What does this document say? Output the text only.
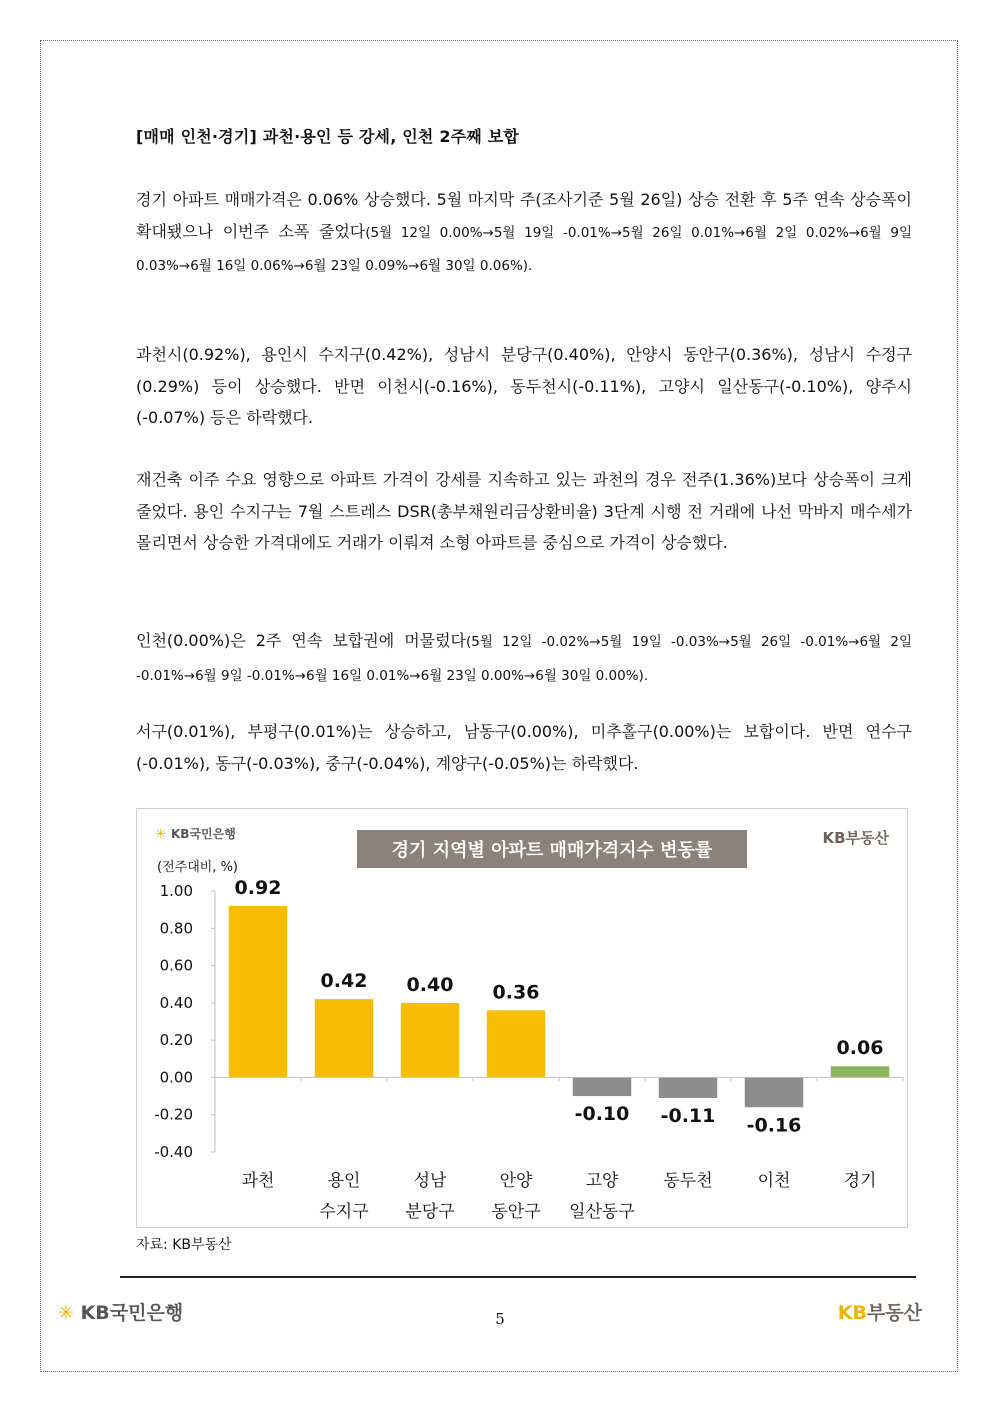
[매매 인천·경기] 과천·용인 등 강세, 인천 2주째 보합
경기 아파트 매매가격은 0.06% 상승했다. 5월 마지막 주(조사기준 5월 26일) 상승 전환 후 5주 연속 상승폭이 확대됐으나 이번주 소폭 줄었다(5월 12일 0.00%→5월 19일 -0.01%→5월 26일 0.01%→6월 2일 0.02%→6월 9일 0.03%→6월 16일 0.06%→6월 23일 0.09%→6월 30일 0.06%).
과천시(0.92%), 용인시 수지구(0.42%), 성남시 분당구(0.40%), 안양시 동안구(0.36%), 성남시 수정구(0.29%) 등이 상승했다. 반면 이천시(-0.16%), 동두천시(-0.11%), 고양시 일산동구(-0.10%), 양주시(-0.07%) 등은 하락했다.
재건축 이주 수요 영향으로 아파트 가격이 강세를 지속하고 있는 과천의 경우 전주(1.36%)보다 상승폭이 크게 줄었다. 용인 수지구는 7월 스트레스 DSR(총부채원리금상환비율) 3단계 시행 전 거래에 나선 막바지 매수세가 몰리면서 상승한 가격대에도 거래가 이뤄져 소형 아파트를 중심으로 가격이 상승했다.
인천(0.00%)은 2주 연속 보합권에 머물렀다(5월 12일 -0.02%→5월 19일 -0.03%→5월 26일 -0.01%→6월 2일 -0.01%→6월 9일 -0.01%→6월 16일 0.01%→6월 23일 0.00%→6월 30일 0.00%).
서구(0.01%), 부평구(0.01%)는 상승하고, 남동구(0.00%), 미추홀구(0.00%)는 보합이다. 반면 연수구(-0.01%), 동구(-0.03%), 중구(-0.04%), 계양구(-0.05%)는 하락했다.
✳ KB국민은행	KB부동산
경기 지역별 아파트 매매가격지수 변동률
(전주대비, %)
1.00
0.80
0.60
0.40
0.20
0.00
-0.20
-0.40
0.92
과천
0.42
용인
수지구
0.40
성남
분당구
0.36
안양
동안구
-0.10
고양
일산동구
-0.11
동두천
-0.16
이천
0.06
경기
자료: KB부동산
✳ KB국민은행	5	KB부동산
